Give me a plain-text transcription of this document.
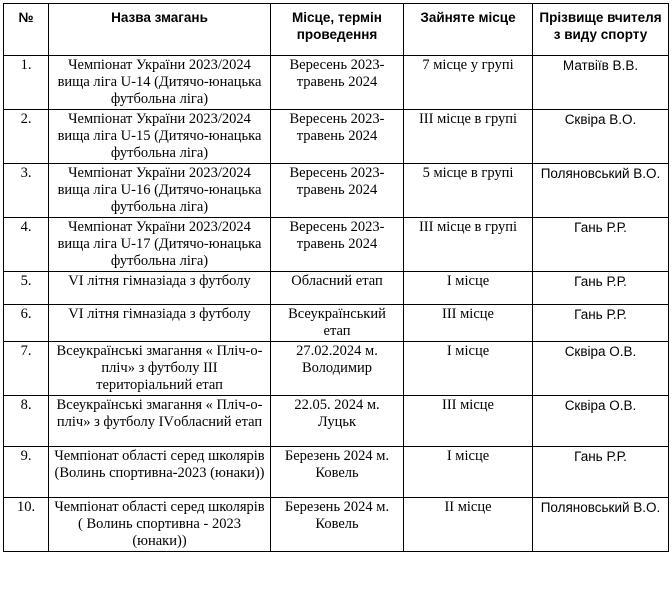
№	Назва змагань	Місце, термін проведення	Зайняте місце	Прізвище вчителя з виду спорту
1.	Чемпіонат України 2023/2024 вища ліга U-14 (Дитячо-юнацька футбольна ліга)	Вересень 2023-травень 2024	7 місце у групі	Матвіїв В.В.
2.	Чемпіонат України 2023/2024 вища ліга U-15 (Дитячо-юнацька футбольна ліга)	Вересень 2023-травень 2024	ІІІ місце в групі	Сквіра В.О.
3.	Чемпіонат України 2023/2024 вища ліга U-16 (Дитячо-юнацька футбольна ліга)	Вересень 2023-травень 2024	5 місце в групі	Поляновський В.О.
4.	Чемпіонат України 2023/2024 вища ліга U-17 (Дитячо-юнацька футбольна ліга)	Вересень 2023-травень 2024	ІІІ місце в групі	Гань Р.Р.
5.	VІ літня гімназіада з футболу	Обласний етап	І місце	Гань Р.Р.
6.	VІ літня гімназіада з футболу	Всеукраїнський етап	ІІІ місце	Гань Р.Р.
7.	Всеукраїнські змагання « Пліч-о-пліч» з футболу ІІІ територіальний етап	27.02.2024 м. Володимир	І місце	Сквіра О.В.
8.	Всеукраїнські змагання « Пліч-о-пліч» з футболу ІVобласний етап	22.05. 2024 м. Луцьк	ІІІ місце	Сквіра О.В.
9.	Чемпіонат області серед школярів (Волинь спортивна-2023 (юнаки))	Березень 2024 м. Ковель	І місце	Гань Р.Р.
10.	Чемпіонат області серед школярів ( Волинь спортивна - 2023 (юнаки))	Березень 2024 м. Ковель	ІІ місце	Поляновський В.О.
